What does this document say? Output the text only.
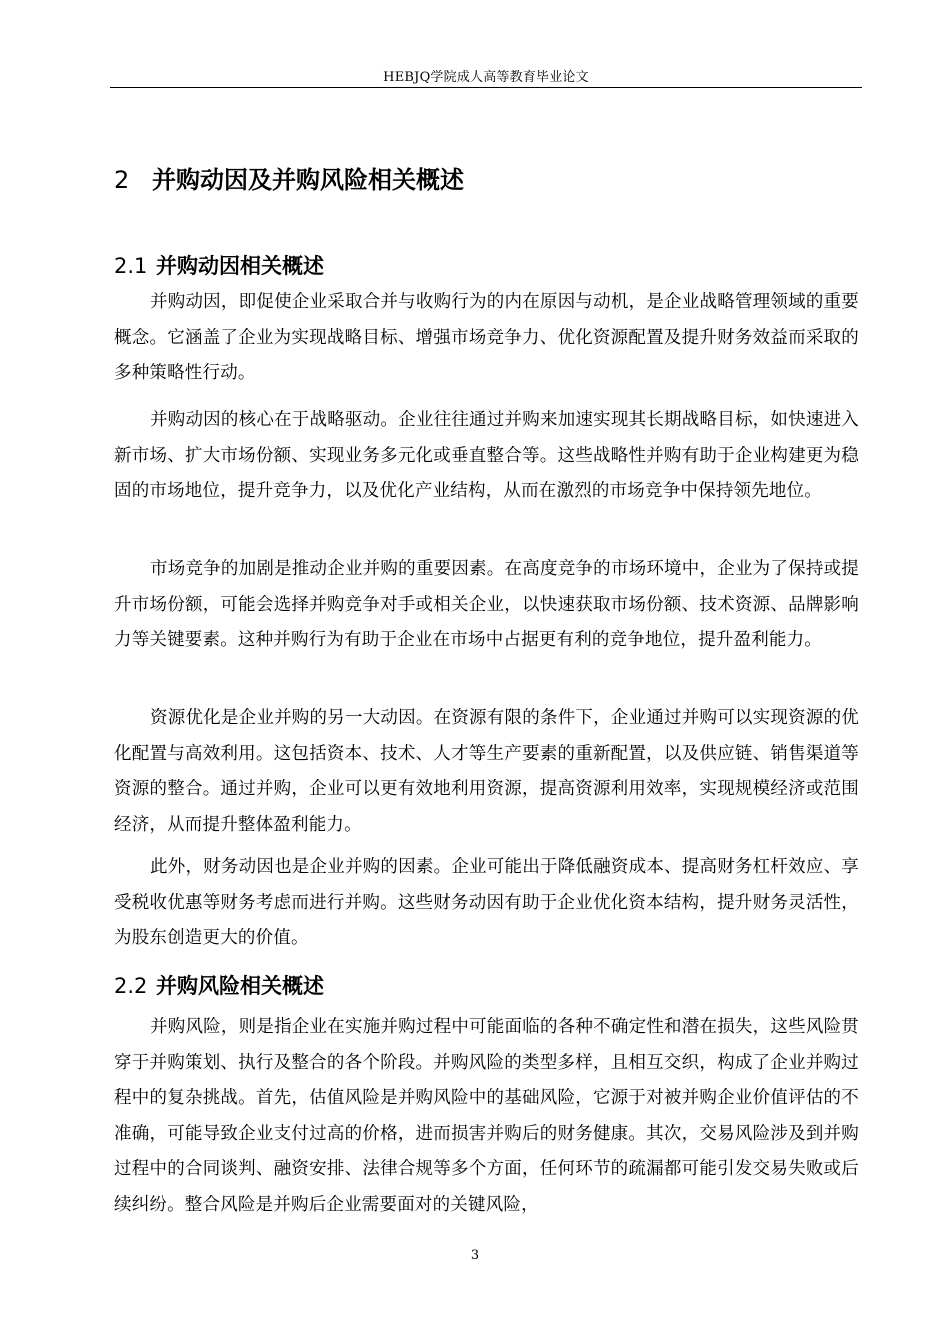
HEBJQ学院成人高等教育毕业论文
2 并购动因及并购风险相关概述
2.1 并购动因相关概述

并购动因，即促使企业采取合并与收购行为的内在原因与动机，是企业战略管理领域的重要概念。它涵盖了企业为实现战略目标、增强市场竞争力、优化资源配置及提升财务效益而采取的多种策略性行动。

并购动因的核心在于战略驱动。企业往往通过并购来加速实现其长期战略目标，如快速进入新市场、扩大市场份额、实现业务多元化或垂直整合等。这些战略性并购有助于企业构建更为稳固的市场地位，提升竞争力，以及优化产业结构，从而在激烈的市场竞争中保持领先地位。

市场竞争的加剧是推动企业并购的重要因素。在高度竞争的市场环境中，企业为了保持或提升市场份额，可能会选择并购竞争对手或相关企业，以快速获取市场份额、技术资源、品牌影响力等关键要素。这种并购行为有助于企业在市场中占据更有利的竞争地位，提升盈利能力。

资源优化是企业并购的另一大动因。在资源有限的条件下，企业通过并购可以实现资源的优化配置与高效利用。这包括资本、技术、人才等生产要素的重新配置，以及供应链、销售渠道等资源的整合。通过并购，企业可以更有效地利用资源，提高资源利用效率，实现规模经济或范围经济，从而提升整体盈利能力。

此外，财务动因也是企业并购的因素。企业可能出于降低融资成本、提高财务杠杆效应、享受税收优惠等财务考虑而进行并购。这些财务动因有助于企业优化资本结构，提升财务灵活性，为股东创造更大的价值。

2.2 并购风险相关概述

并购风险，则是指企业在实施并购过程中可能面临的各种不确定性和潜在损失，这些风险贯穿于并购策划、执行及整合的各个阶段。并购风险的类型多样，且相互交织，构成了企业并购过程中的复杂挑战。首先，估值风险是并购风险中的基础风险，它源于对被并购企业价值评估的不准确，可能导致企业支付过高的价格，进而损害并购后的财务健康。其次，交易风险涉及到并购过程中的合同谈判、融资安排、法律合规等多个方面，任何环节的疏漏都可能引发交易失败或后续纠纷。整合风险是并购后企业需要面对的关键风险，

3
